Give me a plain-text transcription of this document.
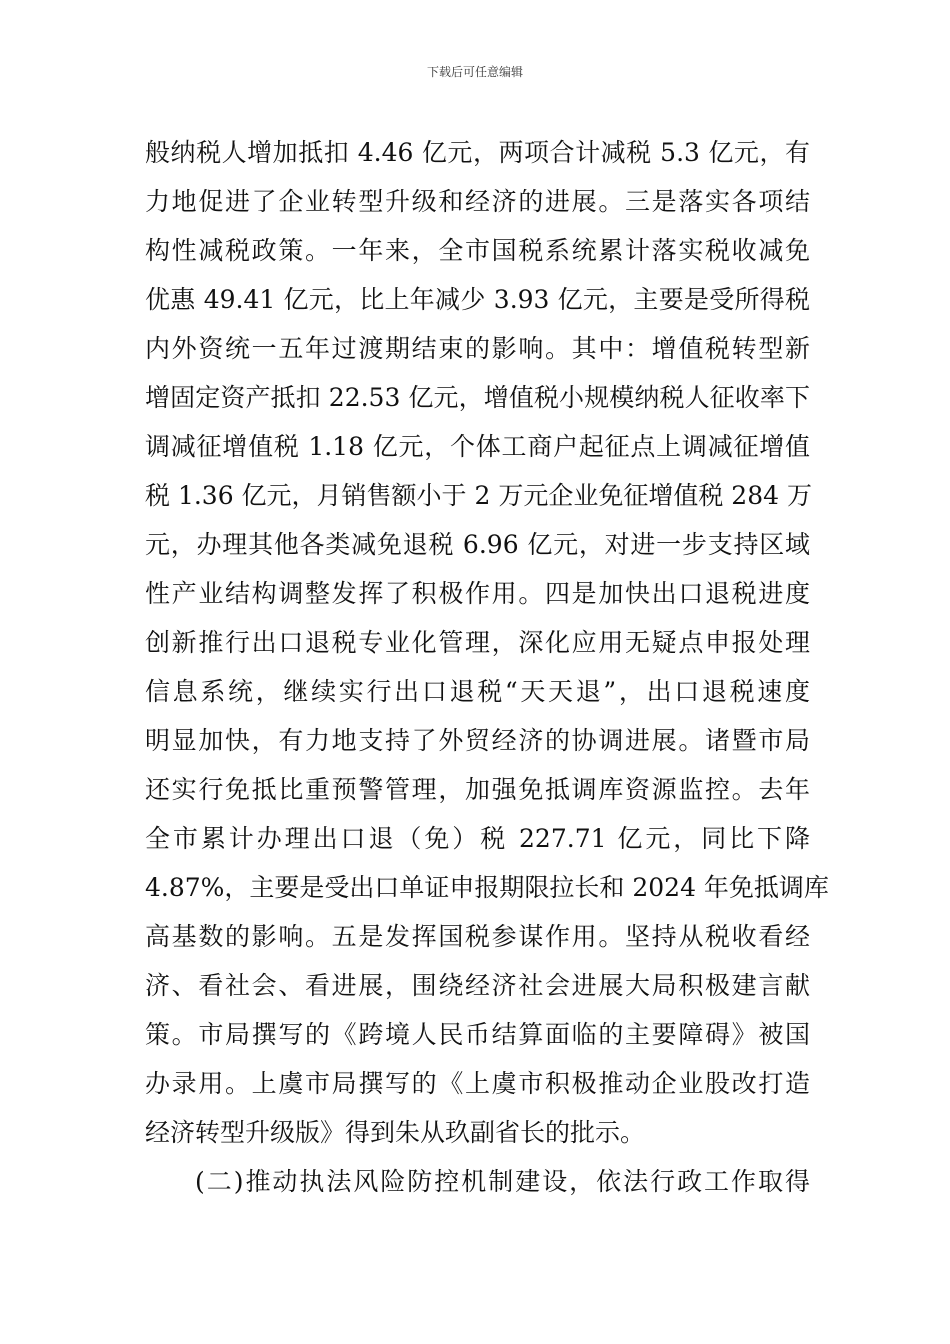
下载后可任意编辑
般纳税人增加抵扣 4.46 亿元，两项合计减税 5.3 亿元，有
力地促进了企业转型升级和经济的进展。三是落实各项结
构性减税政策。一年来，全市国税系统累计落实税收减免
优惠 49.41 亿元，比上年减少 3.93 亿元，主要是受所得税
内外资统一五年过渡期结束的影响。其中：增值税转型新
增固定资产抵扣 22.53 亿元，增值税小规模纳税人征收率下
调减征增值税 1.18 亿元，个体工商户起征点上调减征增值
税 1.36 亿元，月销售额小于 2 万元企业免征增值税 284 万
元，办理其他各类减免退税 6.96 亿元，对进一步支持区域
性产业结构调整发挥了积极作用。四是加快出口退税进度
创新推行出口退税专业化管理，深化应用无疑点申报处理
信息系统，继续实行出口退税“天天退”，出口退税速度
明显加快，有力地支持了外贸经济的协调进展。诸暨市局
还实行免抵比重预警管理，加强免抵调库资源监控。去年
全市累计办理出口退（免）税 227.71 亿元，同比下降
4.87%，主要是受出口单证申报期限拉长和 2024 年免抵调库
高基数的影响。五是发挥国税参谋作用。坚持从税收看经
济、看社会、看进展，围绕经济社会进展大局积极建言献
策。市局撰写的《跨境人民币结算面临的主要障碍》被国
办录用。上虞市局撰写的《上虞市积极推动企业股改打造
经济转型升级版》得到朱从玖副省长的批示。
(二)推动执法风险防控机制建设，依法行政工作取得
